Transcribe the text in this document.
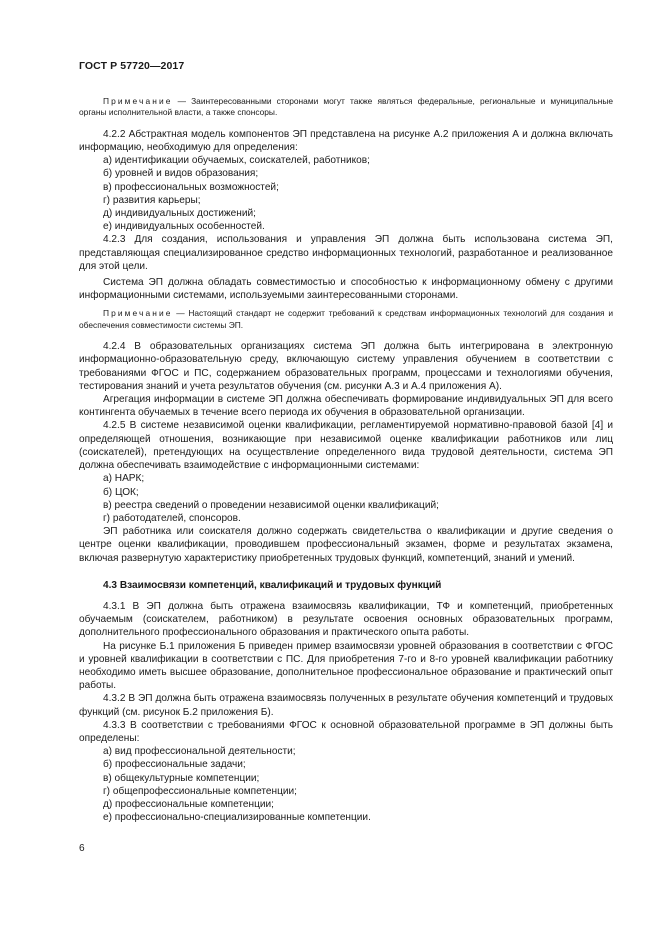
ГОСТ Р 57720—2017

Примечание — Заинтересованными сторонами могут также являться федеральные, региональные и муниципальные органы исполнительной власти, а также спонсоры.

4.2.2 Абстрактная модель компонентов ЭП представлена на рисунке А.2 приложения А и должна включать информацию, необходимую для определения:

а) идентификации обучаемых, соискателей, работников;

б) уровней и видов образования;

в) профессиональных возможностей;

г) развития карьеры;

д) индивидуальных достижений;

е) индивидуальных особенностей.

4.2.3 Для создания, использования и управления ЭП должна быть использована система ЭП, представляющая специализированное средство информационных технологий, разработанное и реализованное для этой цели.

Система ЭП должна обладать совместимостью и способностью к информационному обмену с другими информационными системами, используемыми заинтересованными сторонами.

Примечание — Настоящий стандарт не содержит требований к средствам информационных технологий для создания и обеспечения совместимости системы ЭП.

4.2.4 В образовательных организациях система ЭП должна быть интегрирована в электронную информационно-образовательную среду, включающую систему управления обучением в соответствии с требованиями ФГОС и ПС, содержанием образовательных программ, процессами и технологиями обучения, тестирования знаний и учета результатов обучения (см. рисунки А.3 и А.4 приложения А).

Агрегация информации в системе ЭП должна обеспечивать формирование индивидуальных ЭП для всего контингента обучаемых в течение всего периода их обучения в образовательной организации.

4.2.5 В системе независимой оценки квалификации, регламентируемой нормативно-правовой базой [4] и определяющей отношения, возникающие при независимой оценке квалификации работников или лиц (соискателей), претендующих на осуществление определенного вида трудовой деятельности, система ЭП должна обеспечивать взаимодействие с информационными системами:

а) НАРК;

б) ЦОК;

в) реестра сведений о проведении независимой оценки квалификаций;

г) работодателей, спонсоров.

ЭП работника или соискателя должно содержать свидетельства о квалификации и другие сведения о центре оценки квалификации, проводившем профессиональный экзамен, форме и результатах экзамена, включая развернутую характеристику приобретенных трудовых функций, компетенций, знаний и умений.

4.3 Взаимосвязи компетенций, квалификаций и трудовых функций

4.3.1 В ЭП должна быть отражена взаимосвязь квалификации, ТФ и компетенций, приобретенных обучаемым (соискателем, работником) в результате освоения основных образовательных программ, дополнительного профессионального образования и практического опыта работы.

На рисунке Б.1 приложения Б приведен пример взаимосвязи уровней образования в соответствии с ФГОС и уровней квалификации в соответствии с ПС. Для приобретения 7-го и 8-го уровней квалификации работнику необходимо иметь высшее образование, дополнительное профессиональное образование и практический опыт работы.

4.3.2 В ЭП должна быть отражена взаимосвязь полученных в результате обучения компетенций и трудовых функций (см. рисунок Б.2 приложения Б).

4.3.3 В соответствии с требованиями ФГОС к основной образовательной программе в ЭП должны быть определены:

а) вид профессиональной деятельности;

б) профессиональные задачи;

в) общекультурные компетенции;

г) общепрофессиональные компетенции;

д) профессиональные компетенции;

е) профессионально-специализированные компетенции.

6
